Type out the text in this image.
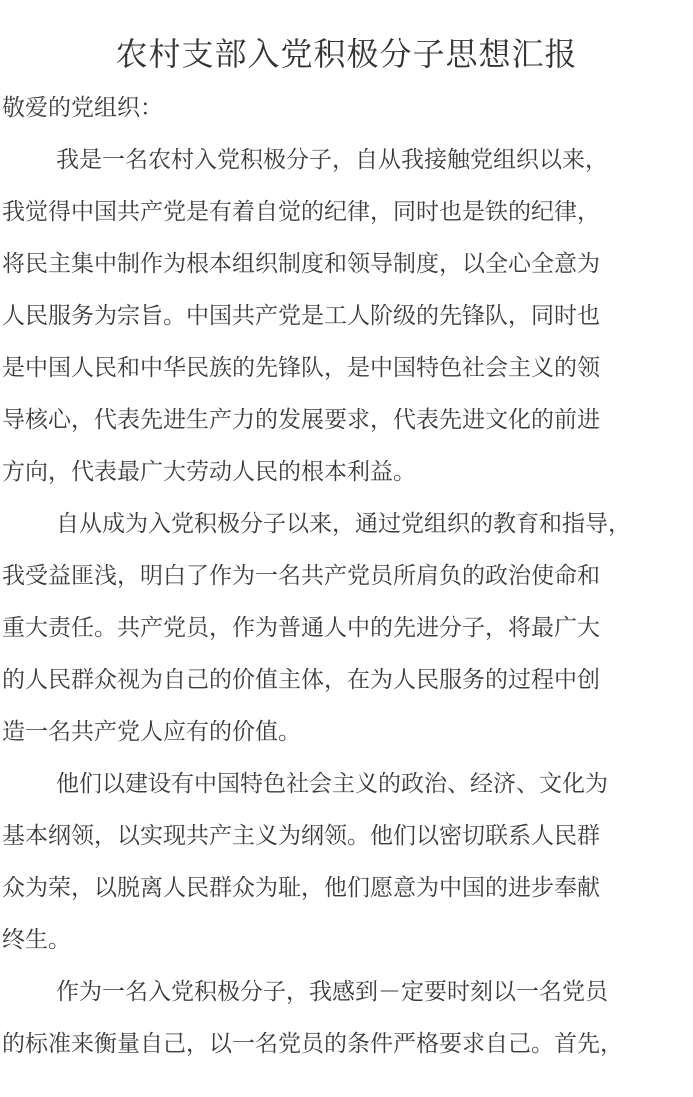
农村支部入党积极分子思想汇报

敬爱的党组织：

我是一名农村入党积极分子，自从我接触党组织以来，
我觉得中国共产党是有着自觉的纪律，同时也是铁的纪律，
将民主集中制作为根本组织制度和领导制度，以全心全意为
人民服务为宗旨。中国共产党是工人阶级的先锋队，同时也
是中国人民和中华民族的先锋队，是中国特色社会主义的领
导核心，代表先进生产力的发展要求，代表先进文化的前进
方向，代表最广大劳动人民的根本利益。
自从成为入党积极分子以来，通过党组织的教育和指导，
我受益匪浅，明白了作为一名共产党员所肩负的政治使命和
重大责任。共产党员，作为普通人中的先进分子，将最广大
的人民群众视为自己的价值主体，在为人民服务的过程中创
造一名共产党人应有的价值。
他们以建设有中国特色社会主义的政治、经济、文化为
基本纲领，以实现共产主义为纲领。他们以密切联系人民群
众为荣，以脱离人民群众为耻，他们愿意为中国的进步奉献
终生。
作为一名入党积极分子，我感到－定要时刻以一名党员
的标准来衡量自己，以一名党员的条件严格要求自己。首先，
